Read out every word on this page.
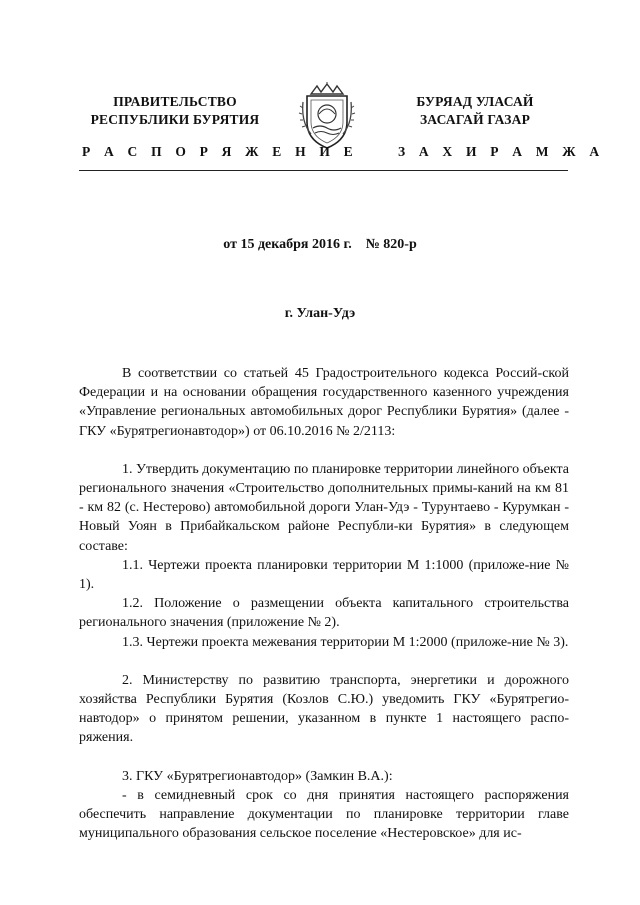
ПРАВИТЕЛЬСТВО
РЕСПУБЛИКИ БУРЯТИЯ
БУРЯАД УЛАСАЙ
ЗАСАГАЙ ГАЗАР
Р А С П О Р Я Ж Е Н И Е	З А Х И Р А М Ж А
от 15 декабря 2016 г.    № 820-р
г. Улан-Удэ

В соответствии со статьей 45 Градостроительного кодекса Россий-ской Федерации и на основании обращения государственного казенного учреждения «Управление региональных автомобильных дорог Республики Бурятия» (далее - ГКУ «Бурятрегионавтодор») от 06.10.2016 № 2/2113:

1. Утвердить документацию по планировке территории линейного объекта регионального значения «Строительство дополнительных примы-каний на км 81 - км 82 (с. Нестерово) автомобильной дороги Улан-Удэ - Турунтаево - Курумкан - Новый Уоян в Прибайкальском районе Республи-ки Бурятия» в следующем составе:

1.1. Чертежи проекта планировки территории М 1:1000 (приложе-ние № 1).

1.2. Положение о размещении объекта капитального строительства регионального значения (приложение № 2).

1.3. Чертежи проекта межевания территории М 1:2000 (приложе-ние № 3).

2. Министерству по развитию транспорта, энергетики и дорожного хозяйства Республики Бурятия (Козлов С.Ю.) уведомить ГКУ «Бурятрегио-навтодор» о принятом решении, указанном в пункте 1 настоящего распо-ряжения.

3. ГКУ «Бурятрегионавтодор» (Замкин В.А.):

- в семидневный срок со дня принятия настоящего распоряжения обеспечить направление документации по планировке территории главе муниципального образования сельское поселение «Нестеровское» для ис-
